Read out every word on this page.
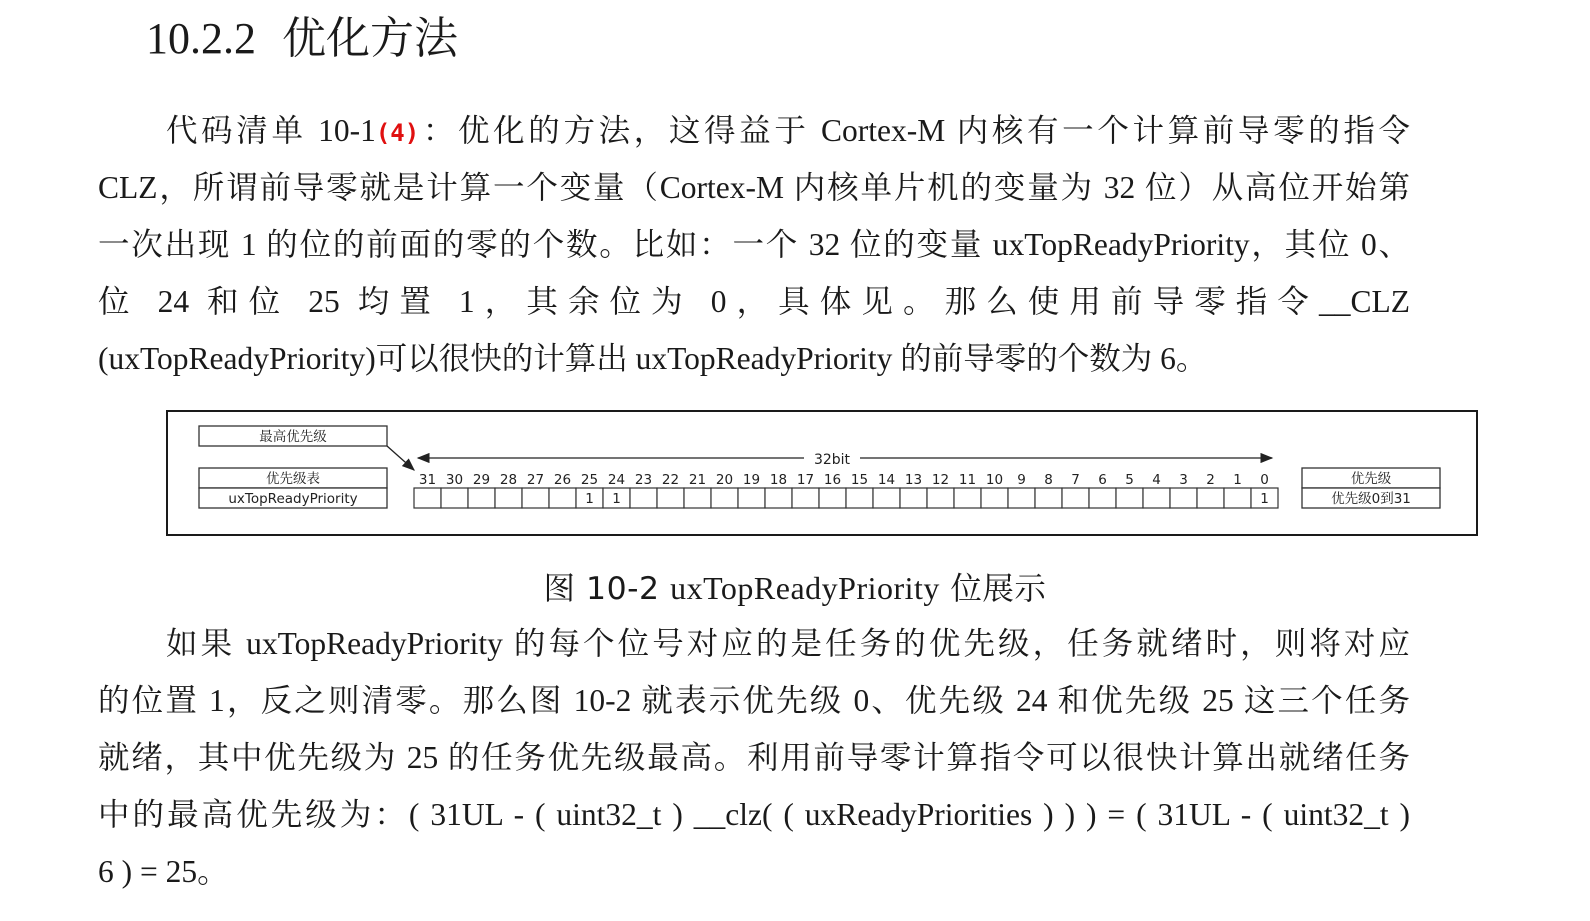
10.2.2 优化方法
代码清单 10-1(4)：优化的方法，这得益于 Cortex-M 内核有一个计算前导零的指令
CLZ，所谓前导零就是计算一个变量（Cortex-M 内核单片机的变量为 32 位）从高位开始第
一次出现 1 的位的前面的零的个数。比如：一个 32 位的变量 uxTopReadyPriority，其位 0、
位 24 和位 25 均置 1，其余位为 0，具体见。那么使用前导零指令__CLZ
(uxTopReadyPriority)可以很快的计算出 uxTopReadyPriority 的前导零的个数为 6。
最高优先级
优先级表
uxTopReadyPriority
32bit
31 30 29 28 27 26 25 24 23 22 21 20 19 18 17 16 15 14 13 12 11 10 9 8 7 6 5 4 3 2 1 0
1 1	1
优先级
优先级0到31
图 10-2 uxTopReadyPriority 位展示
如果 uxTopReadyPriority 的每个位号对应的是任务的优先级，任务就绪时，则将对应
的位置 1，反之则清零。那么图 10-2 就表示优先级 0、优先级 24 和优先级 25 这三个任务
就绪，其中优先级为 25 的任务优先级最高。利用前导零计算指令可以很快计算出就绪任务
中的最高优先级为：( 31UL - ( uint32_t ) __clz( ( uxReadyPriorities ) ) ) = ( 31UL - ( uint32_t )
6 ) = 25。
